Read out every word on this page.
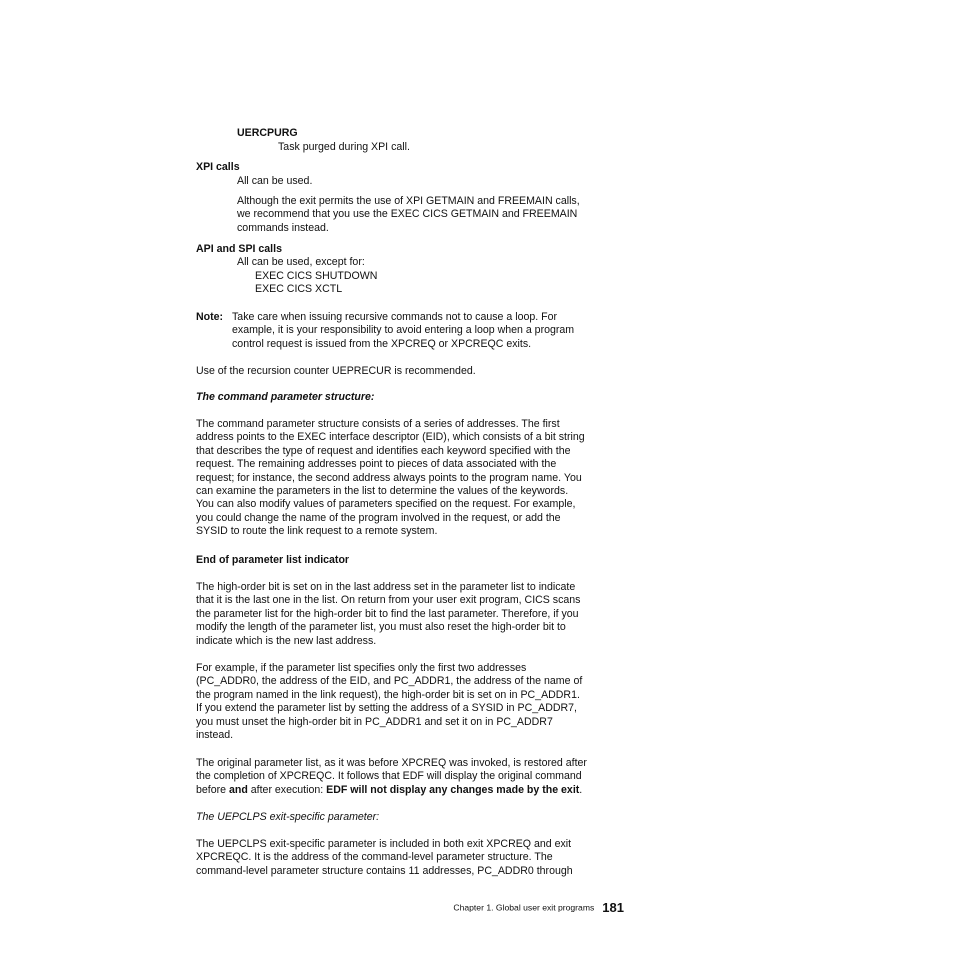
UERCPURG
Task purged during XPI call.
XPI calls
All can be used.
Although the exit permits the use of XPI GETMAIN and FREEMAIN calls,
we recommend that you use the EXEC CICS GETMAIN and FREEMAIN
commands instead.
API and SPI calls
All can be used, except for:
EXEC CICS SHUTDOWN
EXEC CICS XCTL
Note: Take care when issuing recursive commands not to cause a loop. For
example, it is your responsibility to avoid entering a loop when a program
control request is issued from the XPCREQ or XPCREQC exits.
Use of the recursion counter UEPRECUR is recommended.
The command parameter structure:
The command parameter structure consists of a series of addresses. The first
address points to the EXEC interface descriptor (EID), which consists of a bit string
that describes the type of request and identifies each keyword specified with the
request. The remaining addresses point to pieces of data associated with the
request; for instance, the second address always points to the program name. You
can examine the parameters in the list to determine the values of the keywords.
You can also modify values of parameters specified on the request. For example,
you could change the name of the program involved in the request, or add the
SYSID to route the link request to a remote system.
End of parameter list indicator
The high-order bit is set on in the last address set in the parameter list to indicate
that it is the last one in the list. On return from your user exit program, CICS scans
the parameter list for the high-order bit to find the last parameter. Therefore, if you
modify the length of the parameter list, you must also reset the high-order bit to
indicate which is the new last address.
For example, if the parameter list specifies only the first two addresses
(PC_ADDR0, the address of the EID, and PC_ADDR1, the address of the name of
the program named in the link request), the high-order bit is set on in PC_ADDR1.
If you extend the parameter list by setting the address of a SYSID in PC_ADDR7,
you must unset the high-order bit in PC_ADDR1 and set it on in PC_ADDR7
instead.
The original parameter list, as it was before XPCREQ was invoked, is restored after
the completion of XPCREQC. It follows that EDF will display the original command
before and after execution: EDF will not display any changes made by the exit.
The UEPCLPS exit-specific parameter:
The UEPCLPS exit-specific parameter is included in both exit XPCREQ and exit
XPCREQC. It is the address of the command-level parameter structure. The
command-level parameter structure contains 11 addresses, PC_ADDR0 through
Chapter 1. Global user exit programs 181
